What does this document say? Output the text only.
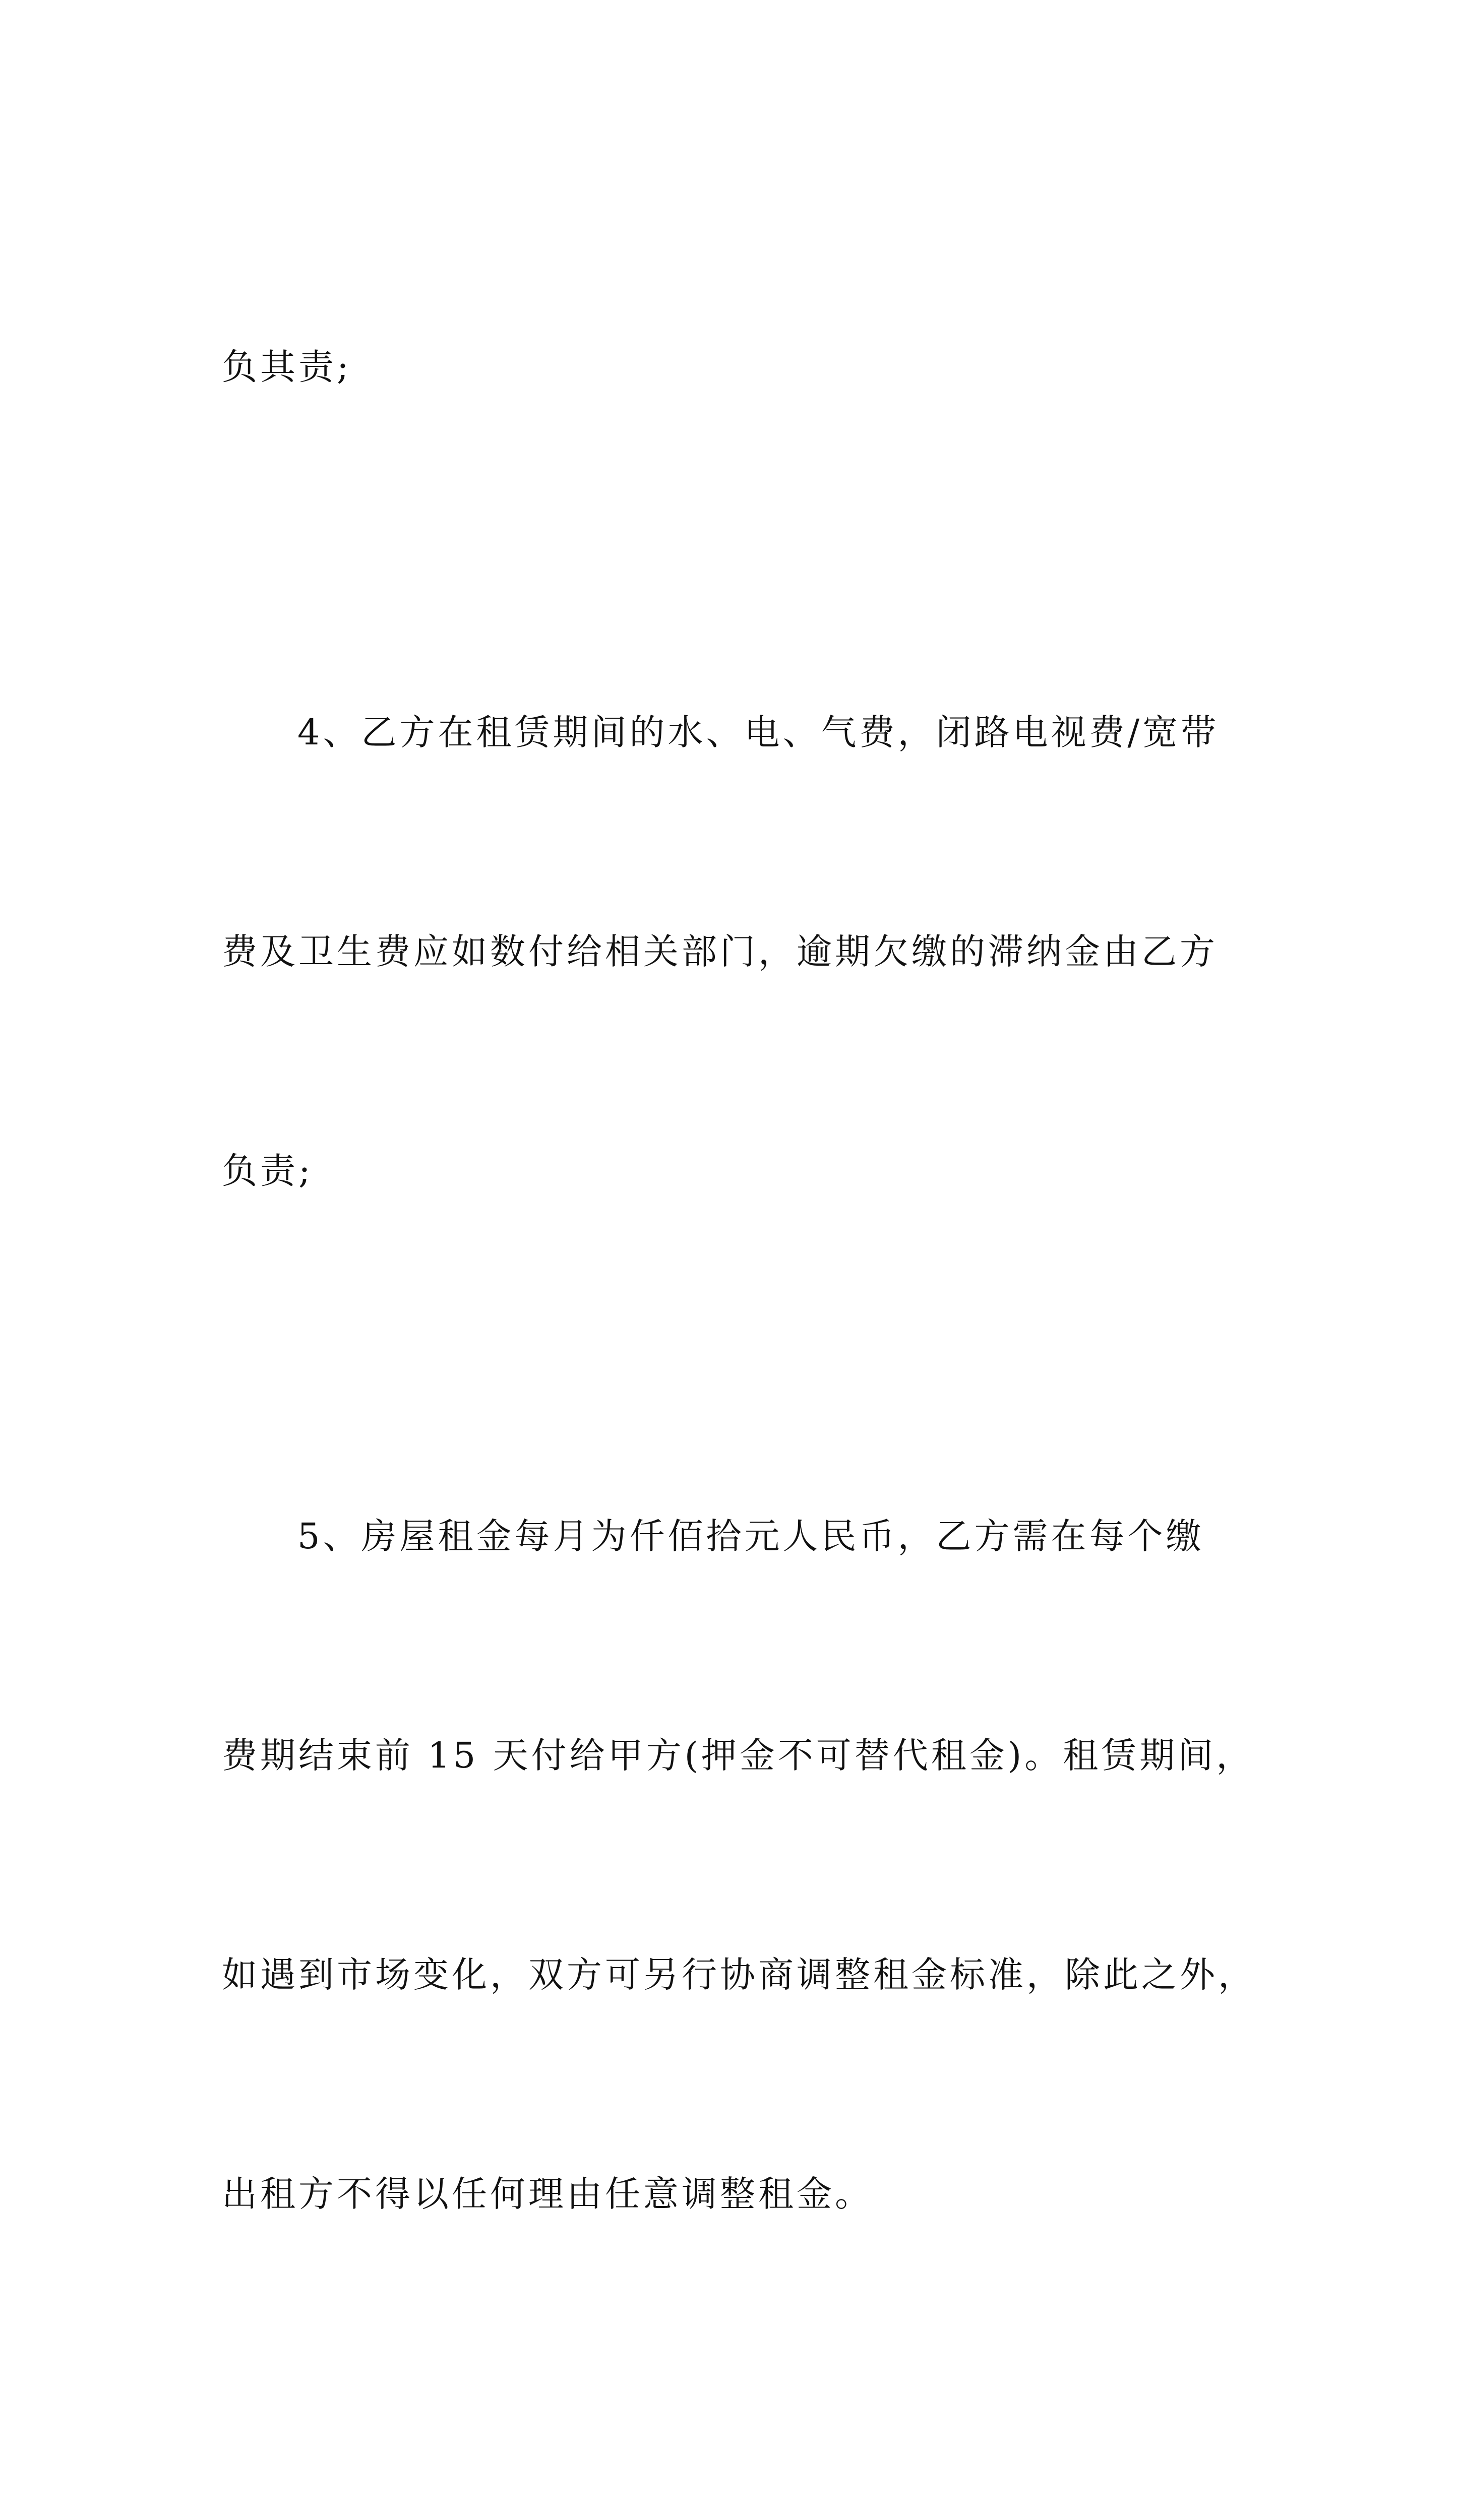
负其责;

4、乙方在租赁期间的水、电、气费，闭路电视费/宽带

费及卫生费应如数付给相关部门，逾期欠缴的滞纳金由乙方

负责;

5、房屋租金每月为仟佰拾元人民币，乙方需在每个缴

费期结束前 15 天付给甲方(押金不可替代租金)。租赁期间，

如遇到市场变化，双方可另行协商调整租金标准，除此之外，

出租方不得以任何理由任意调整租金。
